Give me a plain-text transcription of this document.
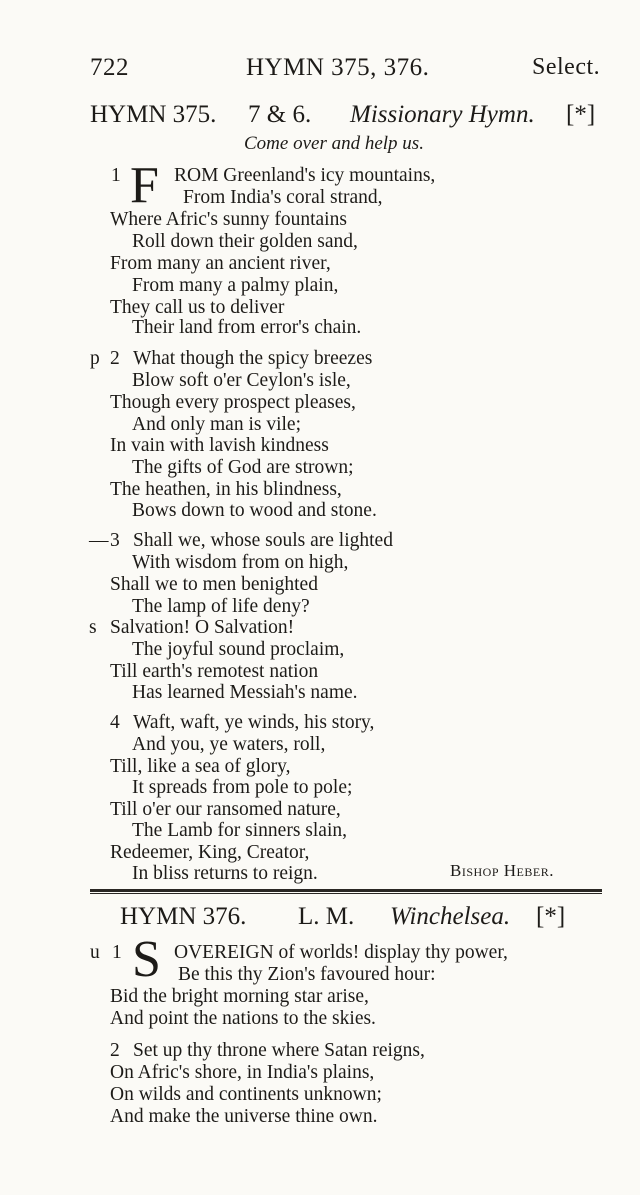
722	HYMN 375, 376.	Select.
HYMN 375. 7 & 6. Missionary Hymn. [*]
Come over and help us.
1 F ROM Greenland's icy mountains,
From India's coral strand,
Where Afric's sunny fountains
Roll down their golden sand,
From many an ancient river,
From many a palmy plain,
They call us to deliver
Their land from error's chain.
p 2 What though the spicy breezes
Blow soft o'er Ceylon's isle,
Though every prospect pleases,
And only man is vile;
In vain with lavish kindness
The gifts of God are strown;
The heathen, in his blindness,
Bows down to wood and stone.
— 3 Shall we, whose souls are lighted
With wisdom from on high,
Shall we to men benighted
The lamp of life deny?
s Salvation! O Salvation!
The joyful sound proclaim,
Till earth's remotest nation
Has learned Messiah's name.
4 Waft, waft, ye winds, his story,
And you, ye waters, roll,
Till, like a sea of glory,
It spreads from pole to pole;
Till o'er our ransomed nature,
The Lamb for sinners slain,
Redeemer, King, Creator,
In bliss returns to reign.	Bishop Heber.
HYMN 376. L. M. Winchelsea. [*]
u 1 S OVEREIGN of worlds! display thy power,
Be this thy Zion's favoured hour:
Bid the bright morning star arise,
And point the nations to the skies.
2 Set up thy throne where Satan reigns,
On Afric's shore, in India's plains,
On wilds and continents unknown;
And make the universe thine own.
